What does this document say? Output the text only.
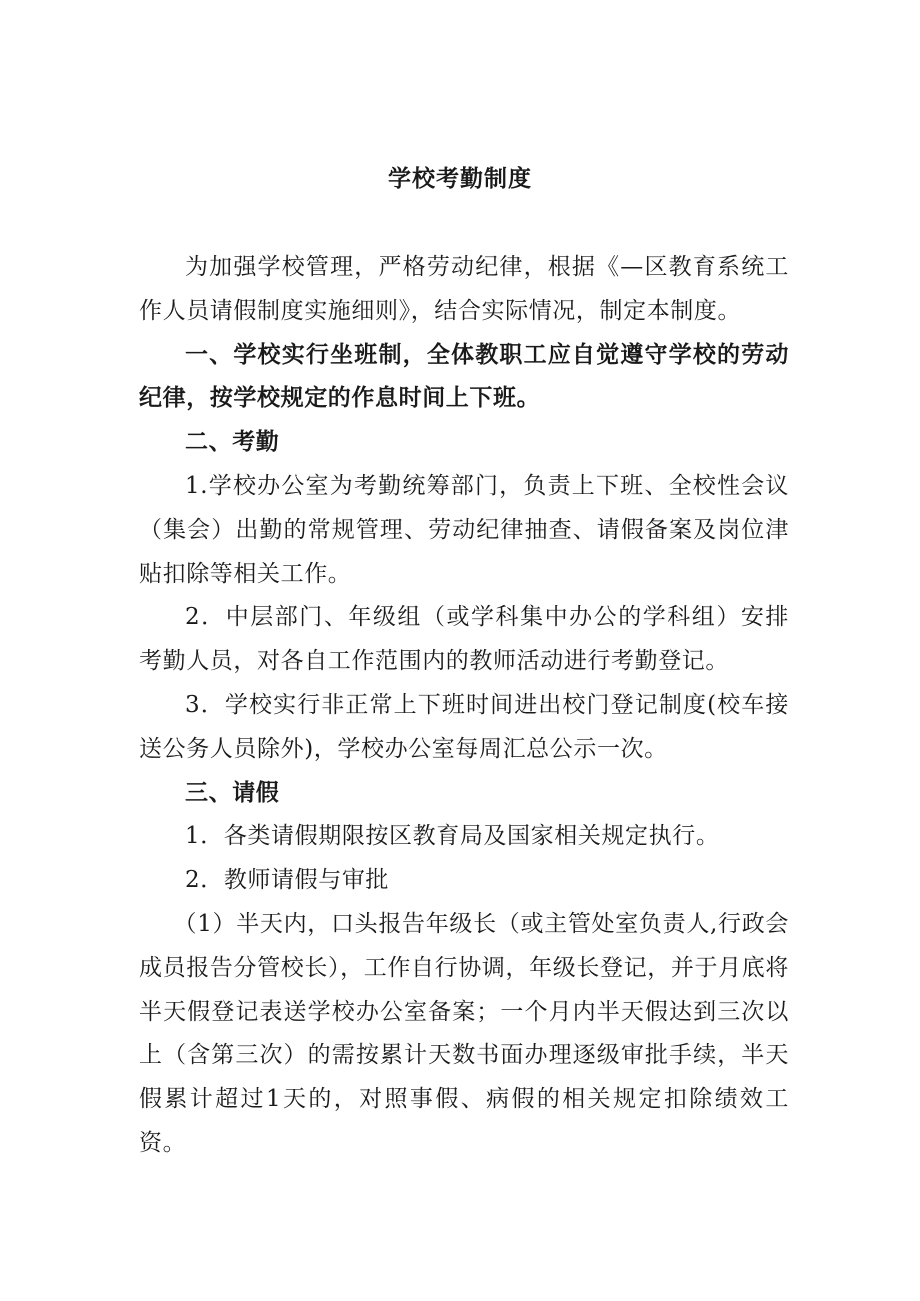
学校考勤制度

为加强学校管理，严格劳动纪律，根据《—区教育系统工作人员请假制度实施细则》，结合实际情况，制定本制度。

一、学校实行坐班制，全体教职工应自觉遵守学校的劳动纪律，按学校规定的作息时间上下班。

二、考勤

1.学校办公室为考勤统筹部门，负责上下班、全校性会议（集会）出勤的常规管理、劳动纪律抽查、请假备案及岗位津贴扣除等相关工作。

2．中层部门、年级组（或学科集中办公的学科组）安排考勤人员，对各自工作范围内的教师活动进行考勤登记。

3．学校实行非正常上下班时间进出校门登记制度(校车接送公务人员除外)，学校办公室每周汇总公示一次。

三、请假

1．各类请假期限按区教育局及国家相关规定执行。

2．教师请假与审批

（1）半天内，口头报告年级长（或主管处室负责人,行政会成员报告分管校长），工作自行协调，年级长登记，并于月底将半天假登记表送学校办公室备案；一个月内半天假达到三次以上（含第三次）的需按累计天数书面办理逐级审批手续，半天假累计超过1天的，对照事假、病假的相关规定扣除绩效工资。
